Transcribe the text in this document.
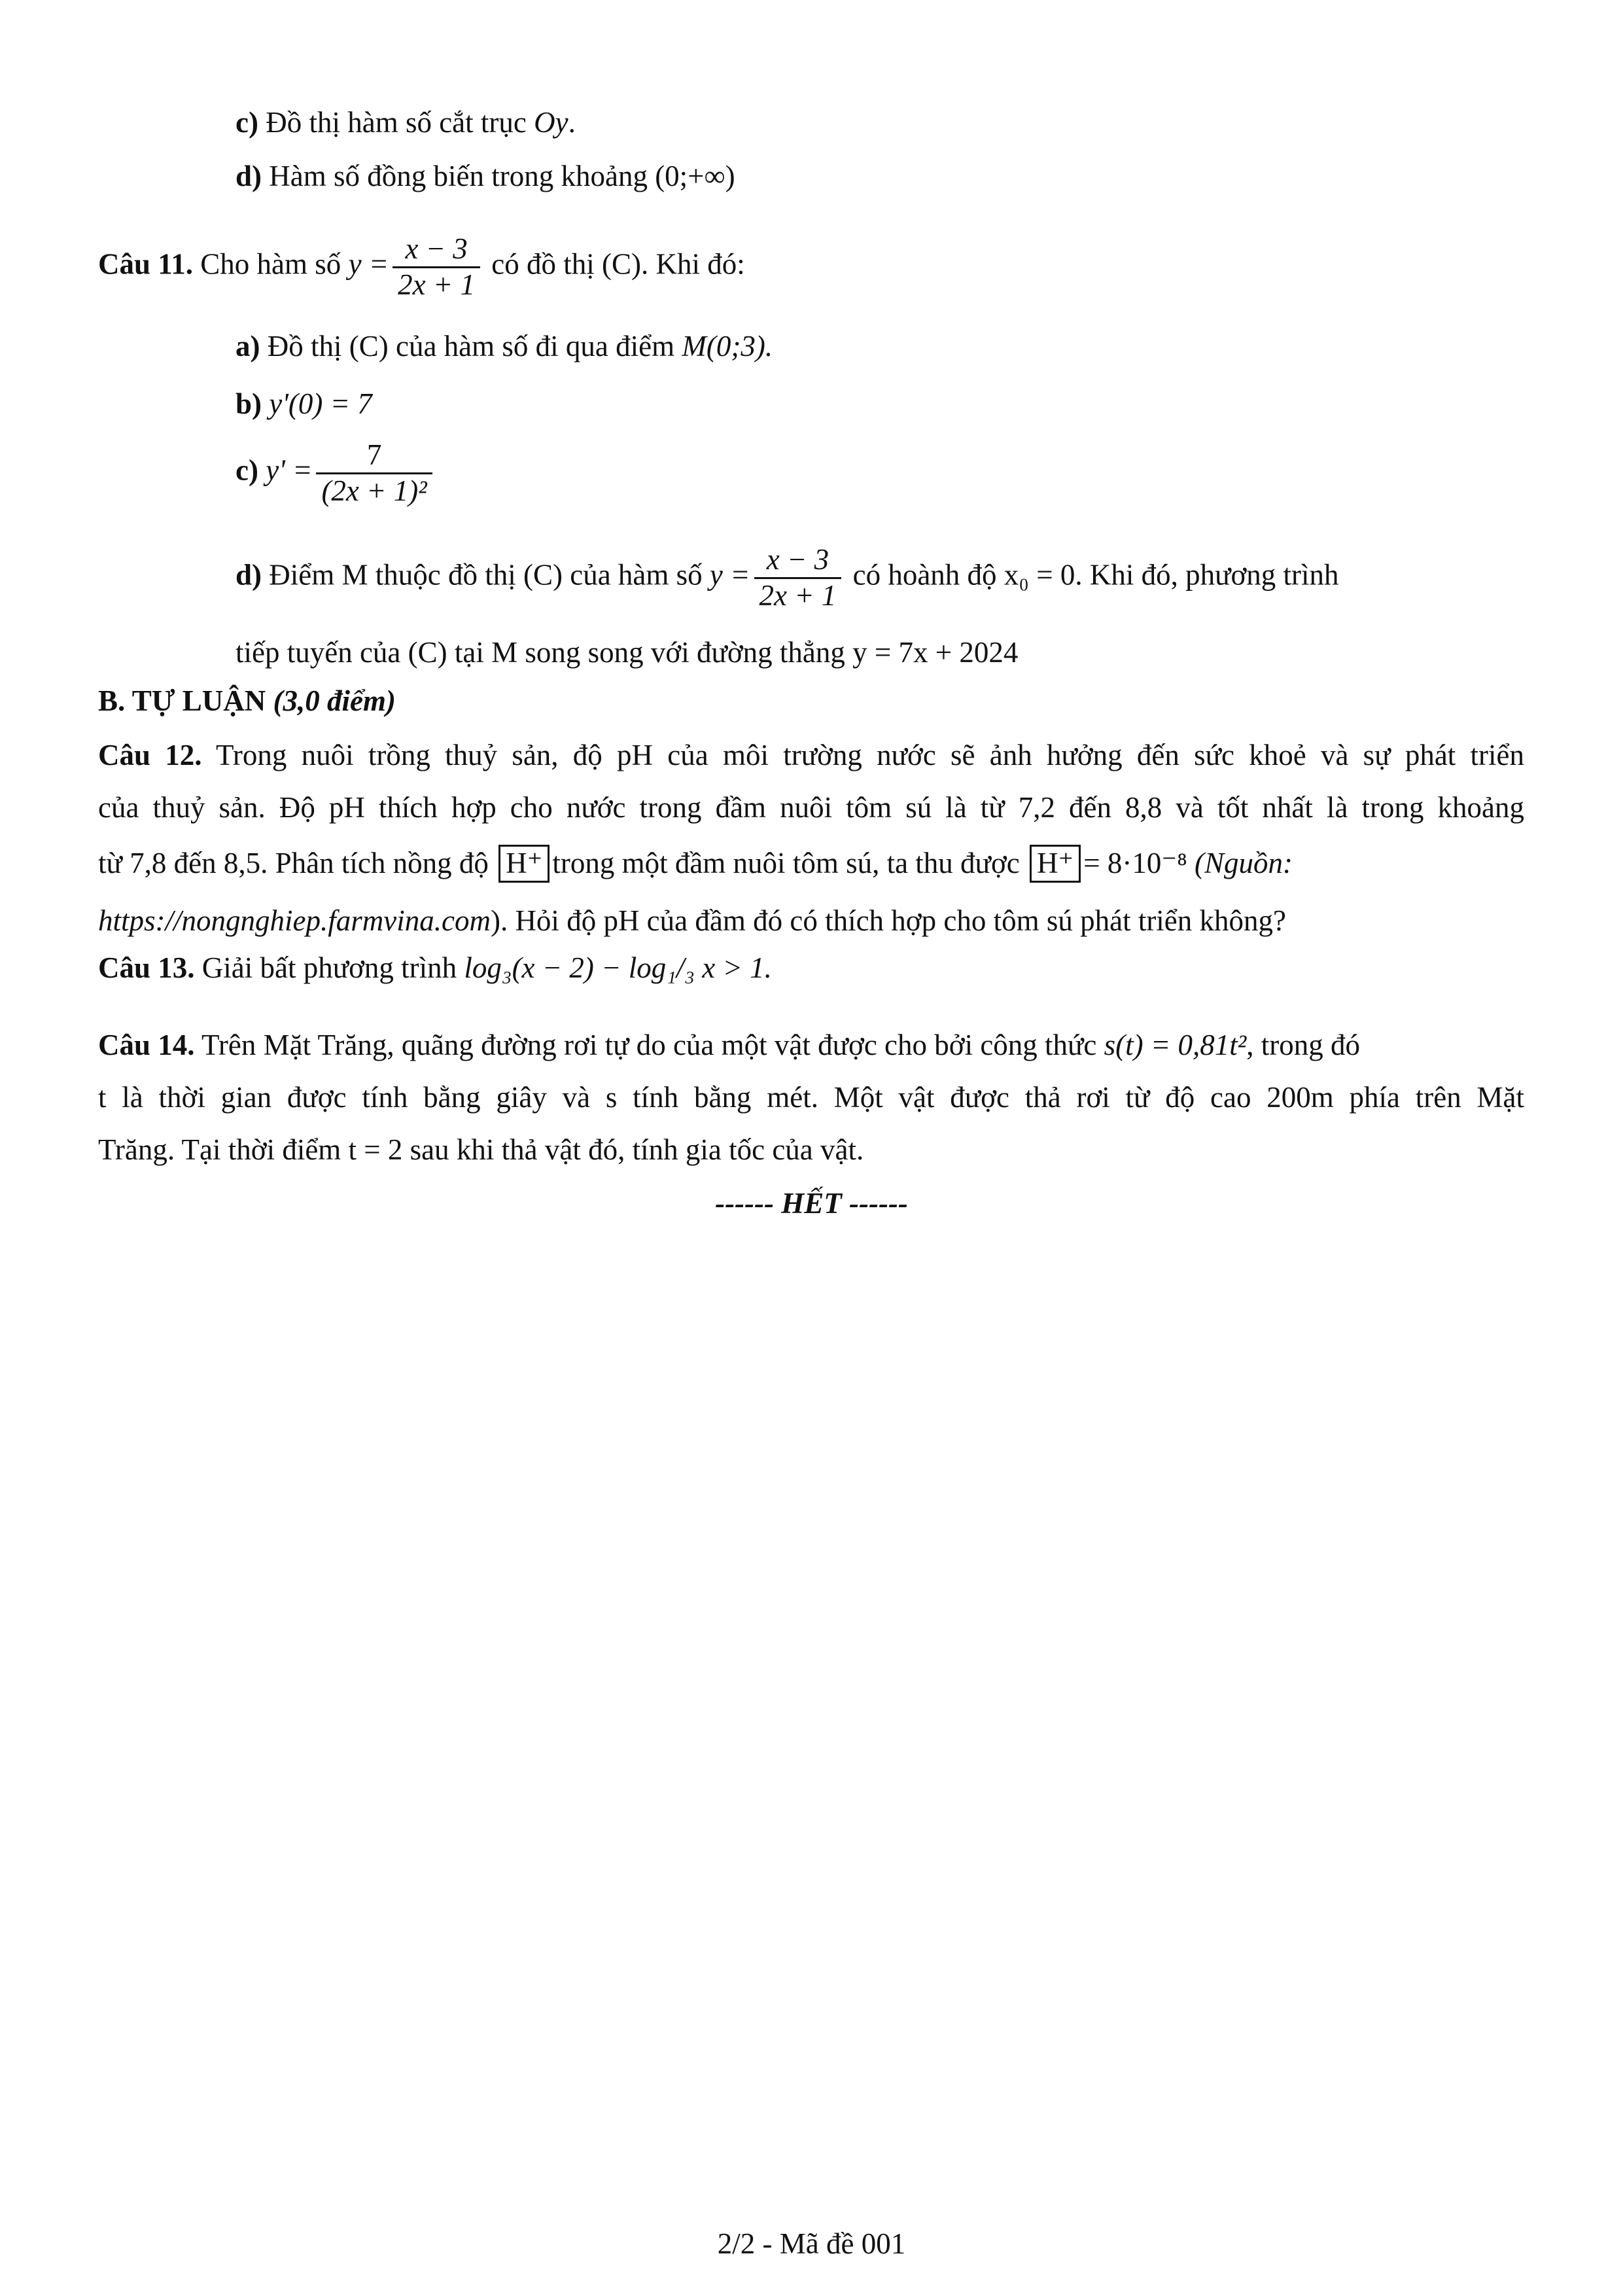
c) Đồ thị hàm số cắt trục Oy.
d) Hàm số đồng biến trong khoảng (0;+∞)
Câu 11. Cho hàm số $y = \frac{x - 3}{2x + 1}$ có đồ thị (C). Khi đó:
a) Đồ thị (C) của hàm số đi qua điểm M(0;3).
b) y'(0) = 7
c) $y' = \frac{7}{\text{(2x + 1)²}}$
d) Điểm M thuộc đồ thị (C) của hàm số $y = \frac{x - 3}{2x + 1}$ có hoành độ x₀ = 0. Khi đó, phương trình
tiếp tuyến của (C) tại M song song với đường thẳng y = 7x + 2024
B. TỰ LUẬN (3,0 điểm)
Câu 12. Trong nuôi trồng thuỷ sản, độ pH của môi trường nước sẽ ảnh hưởng đến sức khoẻ và sự phát triển
của thuỷ sản. Độ pH thích hợp cho nước trong đầm nuôi tôm sú là từ 7,2 đến 8,8 và tốt nhất là trong khoảng
từ 7,8 đến 8,5. Phân tích nồng độ H⁺ trong một đầm nuôi tôm sú, ta thu được H⁺ = 8·10⁻⁸ (Nguồn:
https://nongnghiep.farmvina.com). Hỏi độ pH của đầm đó có thích hợp cho tôm sú phát triển không?
Câu 13. Giải bất phương trình log₃(x − 2) − log₁/₃ x > 1.
Câu 14. Trên Mặt Trăng, quãng đường rơi tự do của một vật được cho bởi công thức s(t) = 0,81t², trong đó
t là thời gian được tính bằng giây và s tính bằng mét. Một vật được thả rơi từ độ cao 200m phía trên Mặt
Trăng. Tại thời điểm t = 2 sau khi thả vật đó, tính gia tốc của vật.
------ HẾT ------
2/2 - Mã đề 001
